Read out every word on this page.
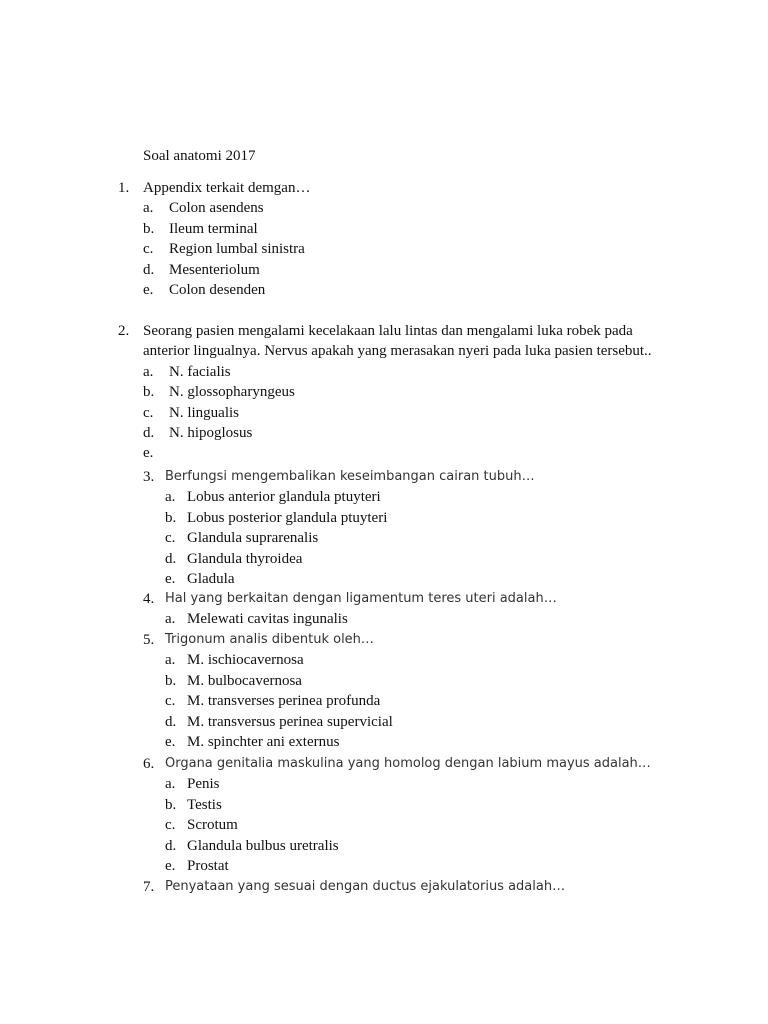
Soal anatomi 2017
1. Appendix terkait demgan…
a. Colon asendens
b. Ileum terminal
c. Region lumbal sinistra
d. Mesenteriolum
e. Colon desenden
2. Seorang pasien mengalami kecelakaan lalu lintas dan mengalami luka robek pada anterior lingualnya. Nervus apakah yang merasakan nyeri pada luka pasien tersebut..
a. N. facialis
b. N. glossopharyngeus
c. N. lingualis
d. N. hipoglosus
e.
3. Berfungsi mengembalikan keseimbangan cairan tubuh…
a. Lobus anterior glandula ptuyteri
b. Lobus posterior glandula ptuyteri
c. Glandula suprarenalis
d. Glandula thyroidea
e. Gladula
4. Hal yang berkaitan dengan ligamentum teres uteri adalah…
a. Melewati cavitas ingunalis
5. Trigonum analis dibentuk oleh…
a. M. ischiocavernosa
b. M. bulbocavernosa
c. M. transverses perinea profunda
d. M. transversus perinea supervicial
e. M. spinchter ani externus
6. Organa genitalia maskulina yang homolog dengan labium mayus adalah…
a. Penis
b. Testis
c. Scrotum
d. Glandula bulbus uretralis
e. Prostat
7. Penyataan yang sesuai dengan ductus ejakulatorius adalah…
